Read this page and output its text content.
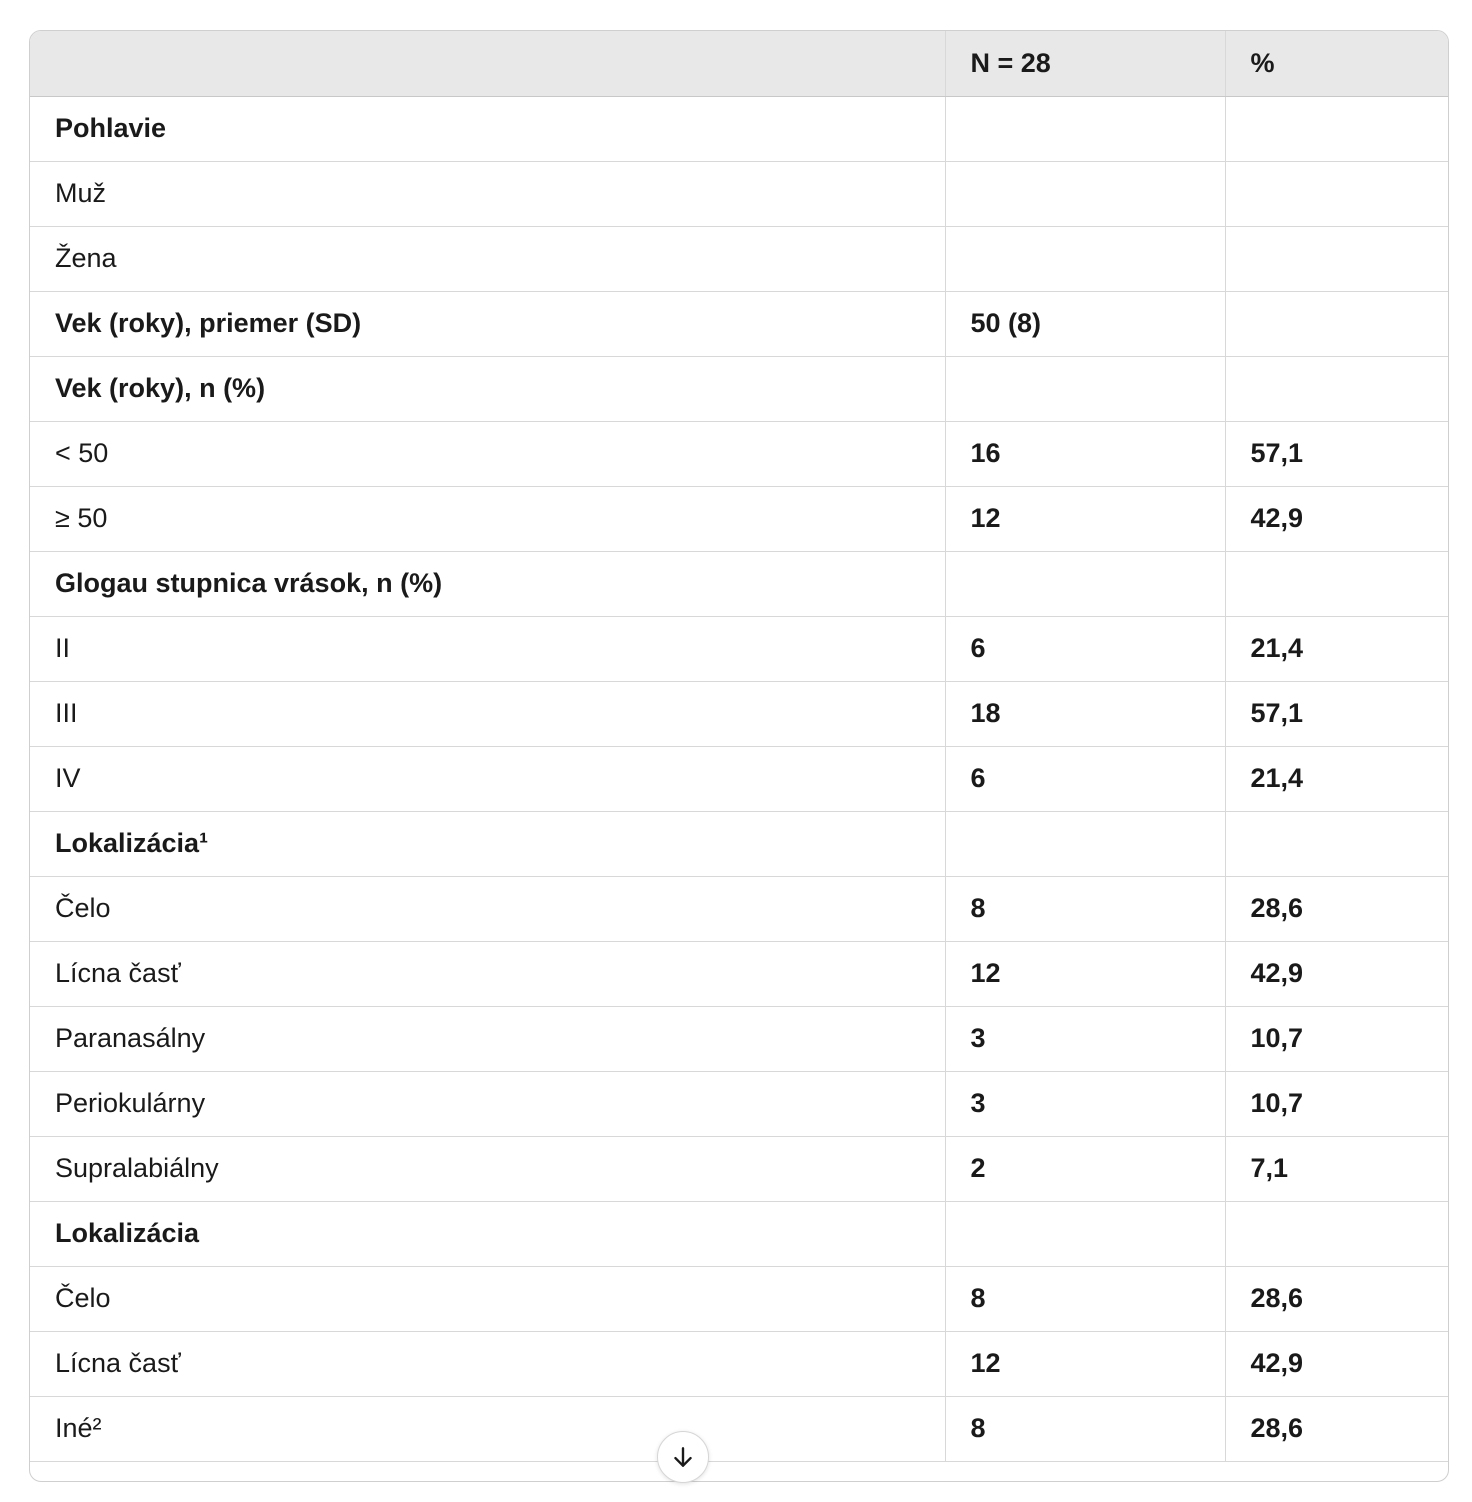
	N = 28	%
Pohlavie		
Muž		
Žena		
Vek (roky), priemer (SD)	50 (8)	
Vek (roky), n (%)		
< 50	16	57,1
≥ 50	12	42,9
Glogau stupnica vrások, n (%)		
II	6	21,4
III	18	57,1
IV	6	21,4
Lokalizácia¹		
Čelo	8	28,6
Lícna časť	12	42,9
Paranasálny	3	10,7
Periokulárny	3	10,7
Supralabiálny	2	7,1
Lokalizácia		
Čelo	8	28,6
Lícna časť	12	42,9
Iné²	8	28,6
